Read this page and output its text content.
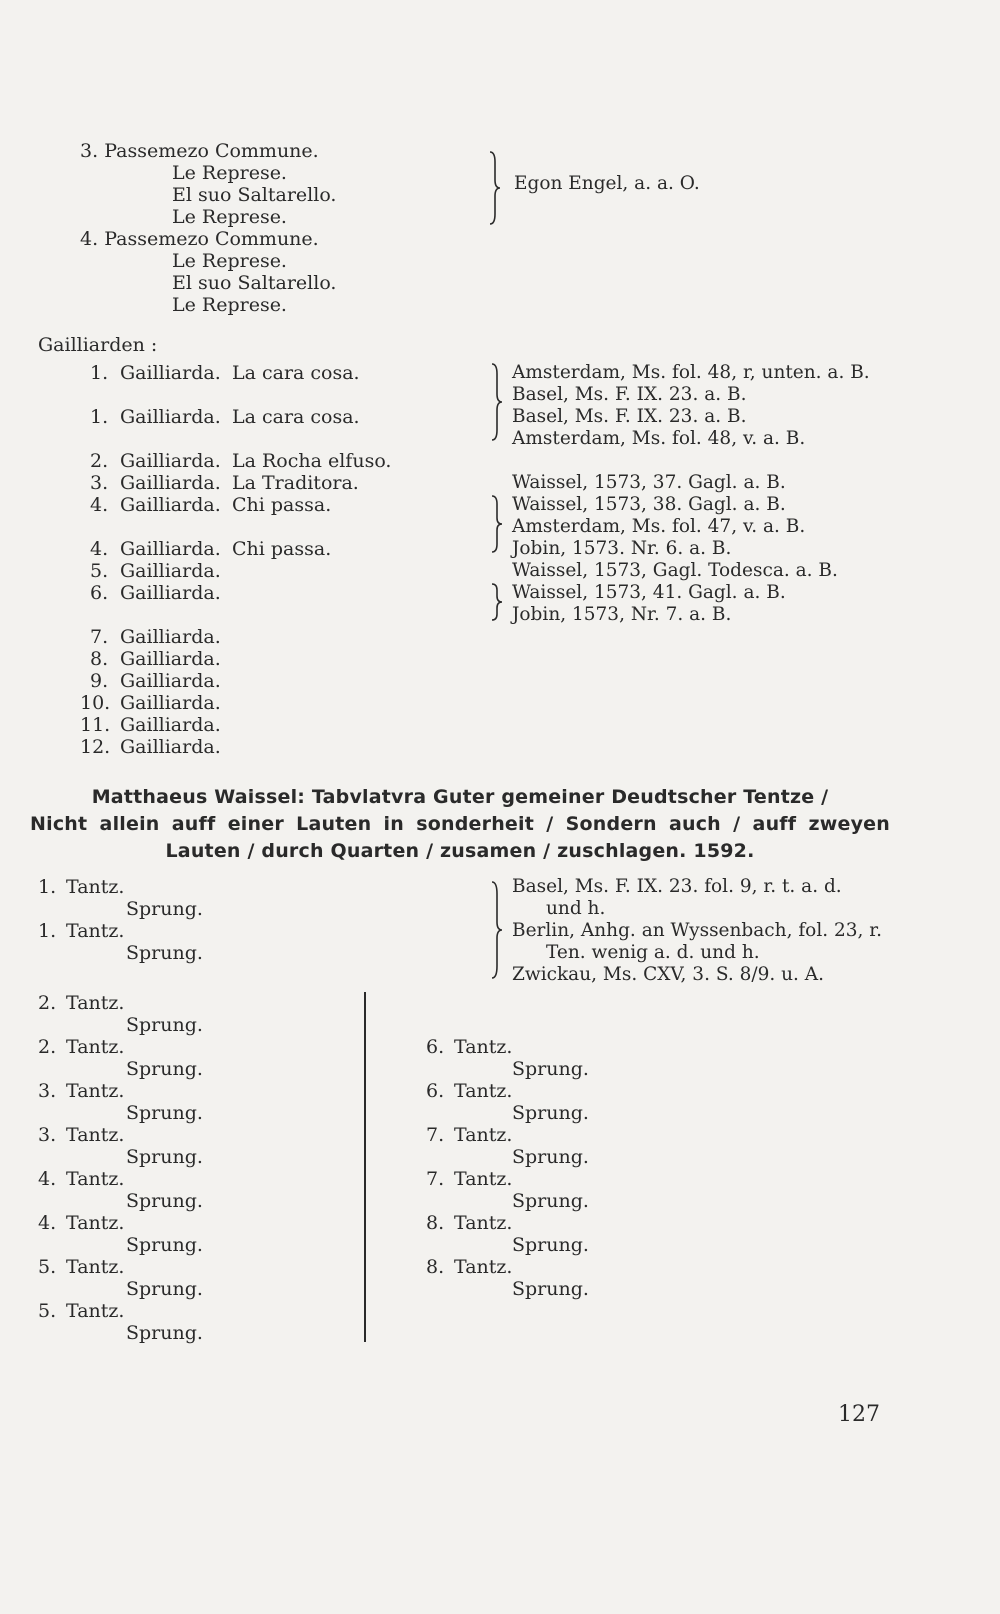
3. Passemezo Commune.
Le Represe.
El suo Saltarello.
Le Represe.
4. Passemezo Commune.
Le Represe.
El suo Saltarello.
Le Represe.
Egon Engel, a. a. O.
Gailliarden :
1. Gailliarda. La cara cosa.
1. Gailliarda. La cara cosa.
2. Gailliarda. La Rocha elfuso.
3. Gailliarda. La Traditora.
4. Gailliarda. Chi passa.
4. Gailliarda. Chi passa.
5. Gailliarda.
6. Gailliarda.
7. Gailliarda.
8. Gailliarda.
9. Gailliarda.
10. Gailliarda.
11. Gailliarda.
12. Gailliarda.
Amsterdam, Ms. fol. 48, r, unten. a. B.
Basel, Ms. F. IX. 23. a. B.
Basel, Ms. F. IX. 23. a. B.
Amsterdam, Ms. fol. 48, v. a. B.
Waissel, 1573, 37. Gagl. a. B.
Waissel, 1573, 38. Gagl. a. B.
Amsterdam, Ms. fol. 47, v. a. B.
Jobin, 1573. Nr. 6. a. B.
Waissel, 1573, Gagl. Todesca. a. B.
Waissel, 1573, 41. Gagl. a. B.
Jobin, 1573, Nr. 7. a. B.
Matthaeus Waissel: Tabvlatvra Guter gemeiner Deudtscher Tentze /
Nicht allein auff einer Lauten in sonderheit / Sondern auch / auff zweyen
Lauten / durch Quarten / zusamen / zuschlagen. 1592.
1. Tantz.
Sprung.
1. Tantz.
Sprung.
Basel, Ms. F. IX. 23. fol. 9, r. t. a. d.
und h.
Berlin, Anhg. an Wyssenbach, fol. 23, r.
Ten. wenig a. d. und h.
Zwickau, Ms. CXV, 3. S. 8/9. u. A.
2. Tantz.
Sprung.
2. Tantz.
Sprung.
3. Tantz.
Sprung.
3. Tantz.
Sprung.
4. Tantz.
Sprung.
4. Tantz.
Sprung.
5. Tantz.
Sprung.
5. Tantz.
Sprung.
6. Tantz.
Sprung.
6. Tantz.
Sprung.
7. Tantz.
Sprung.
7. Tantz.
Sprung.
8. Tantz.
Sprung.
8. Tantz.
Sprung.
127
